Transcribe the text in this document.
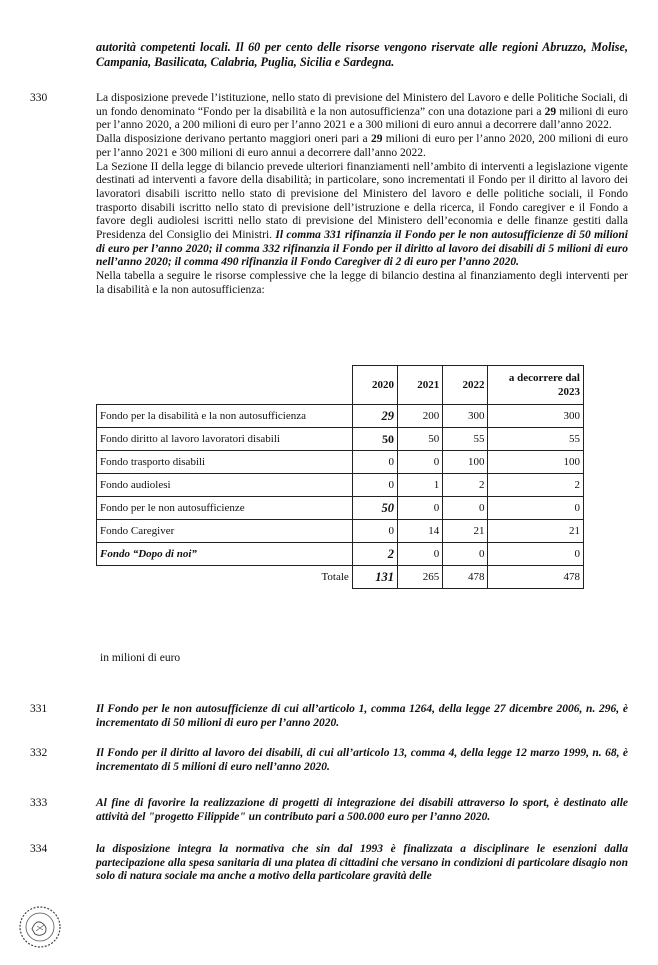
autorità competenti locali. Il 60 per cento delle risorse vengono riservate alle regioni Abruzzo, Molise, Campania, Basilicata, Calabria, Puglia, Sicilia e Sardegna.
330	La disposizione prevede l’istituzione, nello stato di previsione del Ministero del Lavoro e delle Politiche Sociali, di un fondo denominato “Fondo per la disabilità e la non autosufficienza” con una dotazione pari a 29 milioni di euro per l’anno 2020, a 200 milioni di euro per l’anno 2021 e a 300 milioni di euro annui a decorrere dall’anno 2022.

Dalla disposizione derivano pertanto maggiori oneri pari a 29 milioni di euro per l’anno 2020, 200 milioni di euro per l’anno 2021 e 300 milioni di euro annui a decorrere dall’anno 2022.

La Sezione II della legge di bilancio prevede ulteriori finanziamenti nell’ambito di interventi a legislazione vigente destinati ad interventi a favore della disabilità; in particolare, sono incrementati il Fondo per il diritto al lavoro dei lavoratori disabili iscritto nello stato di previsione del Ministero del lavoro e delle politiche sociali, il Fondo trasporto disabili iscritto nello stato di previsione dell’istruzione e della ricerca, il Fondo caregiver e il Fondo a favore degli audiolesi iscritti nello stato di previsione del Ministero dell’economia e delle finanze gestiti dalla Presidenza del Consiglio dei Ministri. Il comma 331 rifinanzia il Fondo per le non autosufficienze di 50 milioni di euro per l’anno 2020; il comma 332 rifinanzia il Fondo per il diritto al lavoro dei disabili di 5 milioni di euro nell’anno 2020; il comma 490 rifinanzia il Fondo Caregiver di 2 di euro per l’anno 2020.

Nella tabella a seguire le risorse complessive che la legge di bilancio destina al finanziamento degli interventi per la disabilità e la non autosufficienza:

	2020	2021	2022	a decorrere dal 2023
Fondo per la disabilità e la non autosufficienza	29	200	300	300
Fondo diritto al lavoro lavoratori disabili	50	50	55	55
Fondo trasporto disabili	0	0	100	100
Fondo audiolesi	0	1	2	2
Fondo per le non autosufficienze	50	0	0	0
Fondo Caregiver	0	14	21	21
Fondo “Dopo di noi”	2	0	0	0
Totale	131	265	478	478
in milioni di euro
331	Il Fondo per le non autosufficienze di cui all’articolo 1, comma 1264, della legge 27 dicembre 2006, n. 296, è incrementato di 50 milioni di euro per l’anno 2020.
332	Il Fondo per il diritto al lavoro dei disabili, di cui all’articolo 13, comma 4, della legge 12 marzo 1999, n. 68, è incrementato di 5 milioni di euro nell’anno 2020.
333	Al fine di favorire la realizzazione di progetti di integrazione dei disabili attraverso lo sport, è destinato alle attività del "progetto Filippide" un contributo pari a 500.000 euro per l’anno 2020.
334	la disposizione integra la normativa che sin dal 1993 è finalizzata a disciplinare le esenzioni dalla partecipazione alla spesa sanitaria di una platea di cittadini che versano in condizioni di particolare disagio non solo di natura sociale ma anche a motivo della particolare gravità delle
